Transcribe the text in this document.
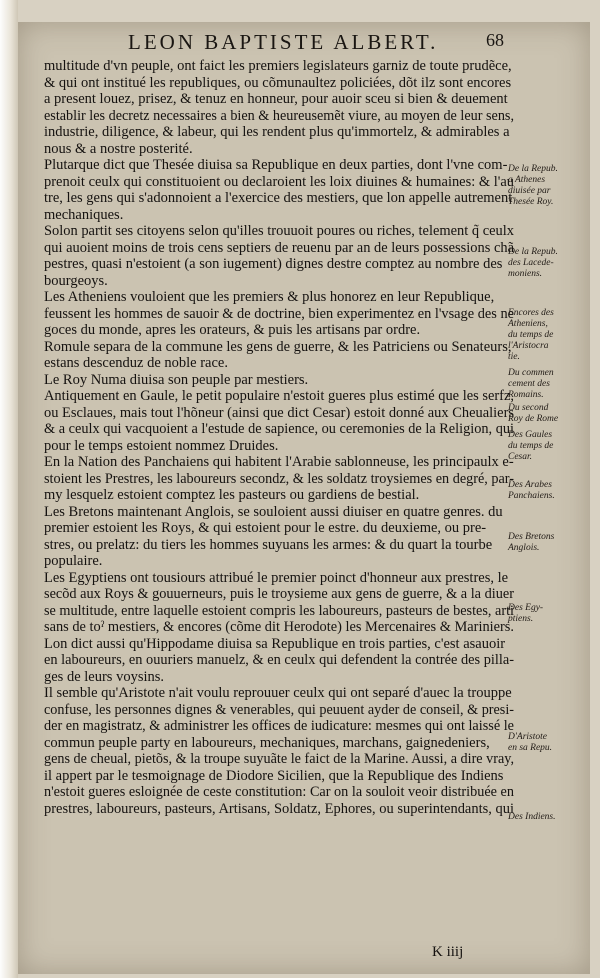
LEON BAPTISTE ALBERT.	68
multitude d'vn peuple, ont faict les premiers legislateurs garniz de toute prudẽce,
& qui ont institué les republiques, ou cõmunaultez policiées, dõt ilz sont encores
a present louez, prisez, & tenuz en honneur, pour auoir sceu si bien & deuement
establir les decretz necessaires a bien & heureusemẽt viure, au moyen de leur sens,
industrie, diligence, & labeur, qui les rendent plus qu'immortelz, & admirables a
nous & a nostre posterité.
Plutarque dict que Thesée diuisa sa Republique en deux parties, dont l'vne com-
prenoit ceulx qui constituoient ou declaroient les loix diuines & humaines: & l'au
tre, les gens qui s'adonnoient a l'exercice des mestiers, que lon appelle autrement
mechaniques.
Solon partit ses citoyens selon qu'illes trouuoit poures ou riches, telement q̃ ceulx
qui auoient moins de trois cens septiers de reuenu par an de leurs possessions chã
pestres, quasi n'estoient (a son iugement) dignes destre comptez au nombre des
bourgeoys.
Les Atheniens vouloient que les premiers & plus honorez en leur Republique,
feussent les hommes de sauoir & de doctrine, bien experimentez en l'vsage des ne
goces du monde, apres les orateurs, & puis les artisans par ordre.
Romule separa de la commune les gens de guerre, & les Patriciens ou Senateurs,
estans descenduz de noble race.
Le Roy Numa diuisa son peuple par mestiers.
Antiquement en Gaule, le petit populaire n'estoit gueres plus estimé que les serfz,
ou Esclaues, mais tout l'hõneur (ainsi que dict Cesar) estoit donné aux Cheualiers
& a ceulx qui vacquoient a l'estude de sapience, ou ceremonies de la Religion, qui
pour le temps estoient nommez Druides.
En la Nation des Panchaiens qui habitent l'Arabie sablonneuse, les principaulx e-
stoient les Prestres, les laboureurs secondz, & les soldatz troysiemes en degré, par-
my lesquelz estoient comptez les pasteurs ou gardiens de bestial.
Les Bretons maintenant Anglois, se souloient aussi diuiser en quatre genres. du
premier estoient les Roys, & qui estoient pour le estre. du deuxieme, ou pre-
stres, ou prelatz: du tiers les hommes suyuans les armes: & du quart la tourbe
populaire.
Les Egyptiens ont tousiours attribué le premier poinct d'honneur aux prestres, le
secõd aux Roys & gouuerneurs, puis le troysieme aux gens de guerre, & a la diuer
se multitude, entre laquelle estoient compris les laboureurs, pasteurs de bestes, arti
sans de toˀ mestiers, & encores (cõme dit Herodote) les Mercenaires & Mariniers.
Lon dict aussi qu'Hippodame diuisa sa Republique en trois parties, c'est asauoir
en laboureurs, en ouuriers manuelz, & en ceulx qui defendent la contrée des pilla-
ges de leurs voysins.
Il semble qu'Aristote n'ait voulu reprouuer ceulx qui ont separé d'auec la trouppe
confuse, les personnes dignes & venerables, qui peuuent ayder de conseil, & presi-
der en magistratz, & administrer les offices de iudicature: mesmes qui ont laissé le
commun peuple party en laboureurs, mechaniques, marchans, gaignedeniers,
gens de cheual, pietõs, & la troupe suyuãte le faict de la Marine. Aussi, a dire vray,
il appert par le tesmoignage de Diodore Sicilien, que la Republique des Indiens
n'estoit gueres esloignée de ceste constitution: Car on la souloit veoir distribuée en
prestres, laboureurs, pasteurs, Artisans, Soldatz, Ephores, ou superintendants, qui
De la Repub.
a Athenes
diuisée par
Thesée Roy.
De la Repub.
des Lacede-
moniens.
Encores des
Atheniens,
du temps de
l'Aristocra
tie.
Du commen
cement des
Romains.
Du second
Roy de Rome
Des Gaules
du temps de
Cesar.
Des Arabes
Panchaiens.
Des Bretons
Anglois.
Des Egy-
ptiens.
D'Aristote
en sa Repu.
Des Indiens.
K iiij
